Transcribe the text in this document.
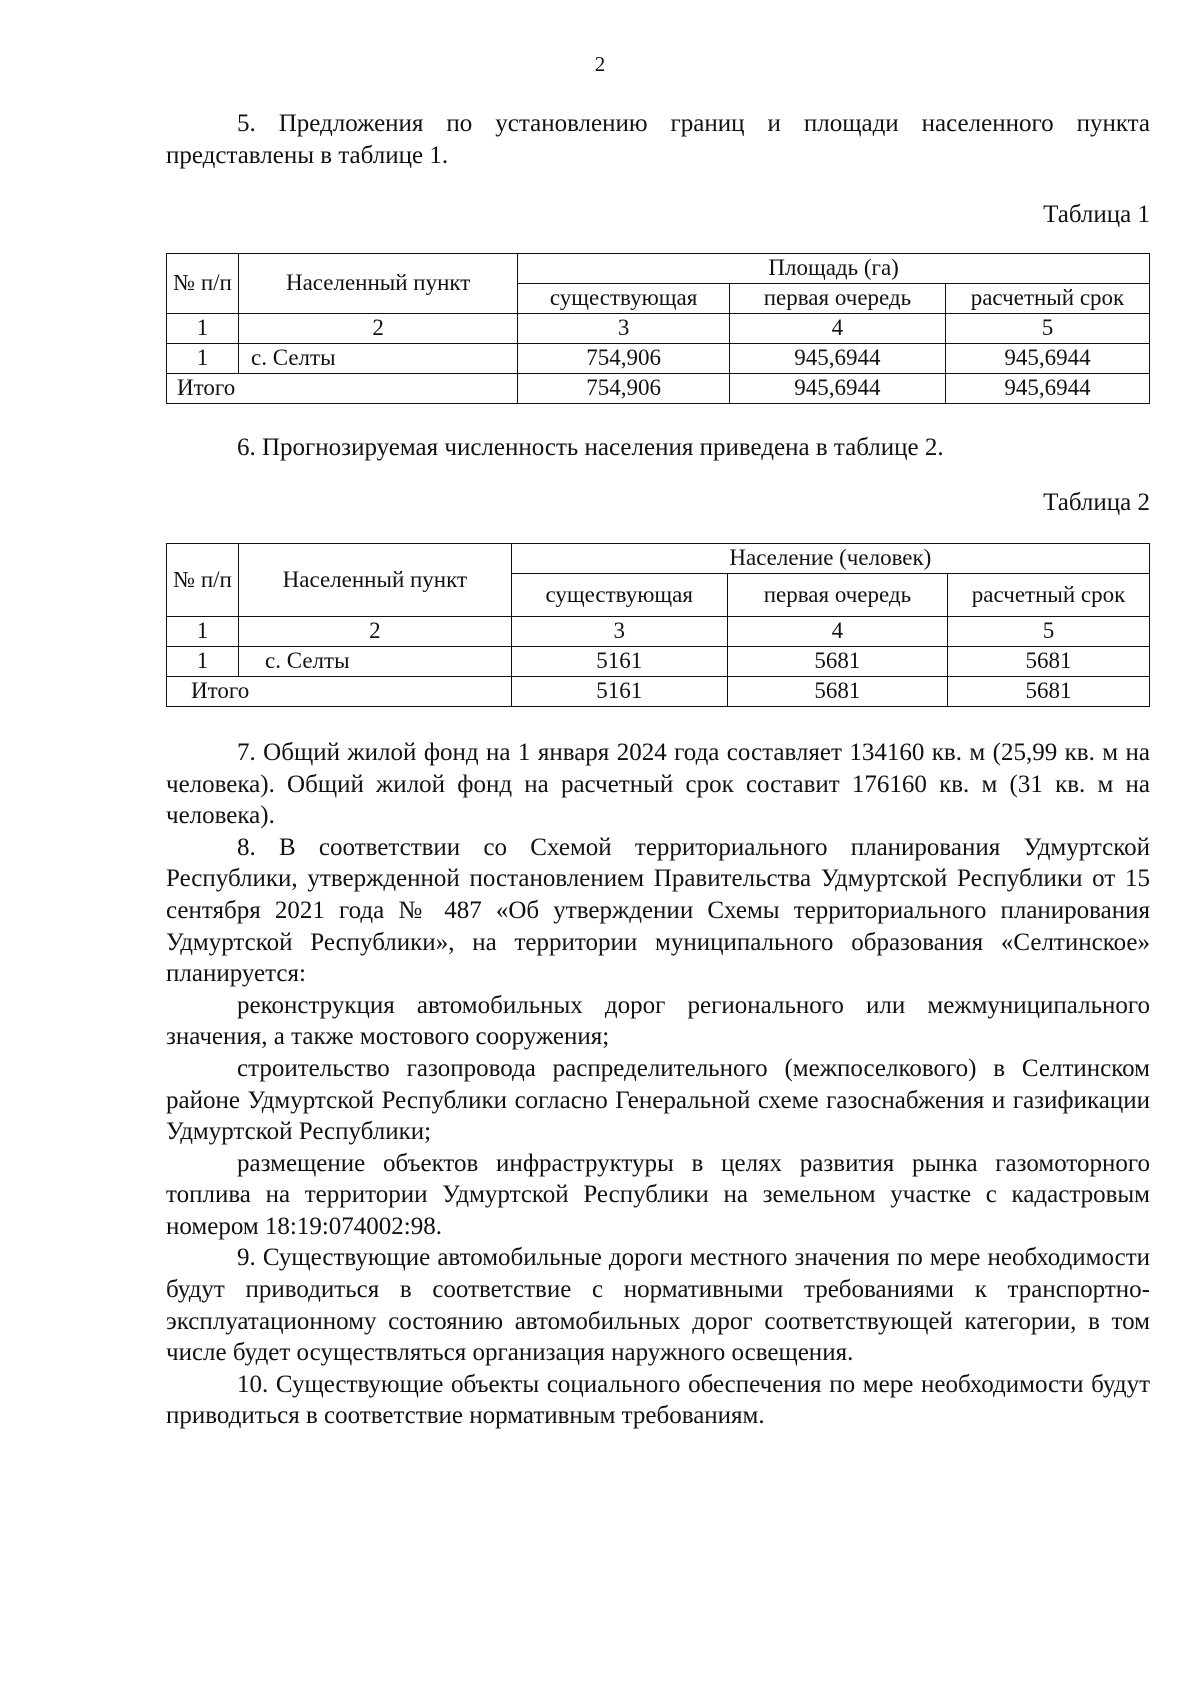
2

5. Предложения по установлению границ и площади населенного пункта представлены в таблице 1.

Таблица 1

№ п/п	Населенный пункт	Площадь (га)		
		существующая	первая очередь	расчетный срок
1	2	3	4	5
1	с. Селты	754,906	945,6944	945,6944
Итого		754,906	945,6944	945,6944

6. Прогнозируемая численность населения приведена в таблице 2.

Таблица 2

№ п/п	Населенный пункт	Население (человек)		
		существующая	первая очередь	расчетный срок
1	2	3	4	5
1	с. Селты	5161	5681	5681
Итого		5161	5681	5681

7. Общий жилой фонд на 1 января 2024 года составляет 134160 кв. м (25,99 кв. м на человека). Общий жилой фонд на расчетный срок составит 176160 кв. м (31 кв. м на человека).

8. В соответствии со Схемой территориального планирования Удмуртской Республики, утвержденной постановлением Правительства Удмуртской Республики от 15 сентября 2021 года № 487 «Об утверждении Схемы территориального планирования Удмуртской Республики», на территории муниципального образования «Селтинское» планируется:

реконструкция автомобильных дорог регионального или межмуниципального значения, а также мостового сооружения;

строительство газопровода распределительного (межпоселкового) в Селтинском районе Удмуртской Республики согласно Генеральной схеме газоснабжения и газификации Удмуртской Республики;

размещение объектов инфраструктуры в целях развития рынка газомоторного топлива на территории Удмуртской Республики на земельном участке с кадастровым номером 18:19:074002:98.

9. Существующие автомобильные дороги местного значения по мере необходимости будут приводиться в соответствие с нормативными требованиями к транспортно-эксплуатационному состоянию автомобильных дорог соответствующей категории, в том числе будет осуществляться организация наружного освещения.

10. Существующие объекты социального обеспечения по мере необходимости будут приводиться в соответствие нормативным требованиям.
